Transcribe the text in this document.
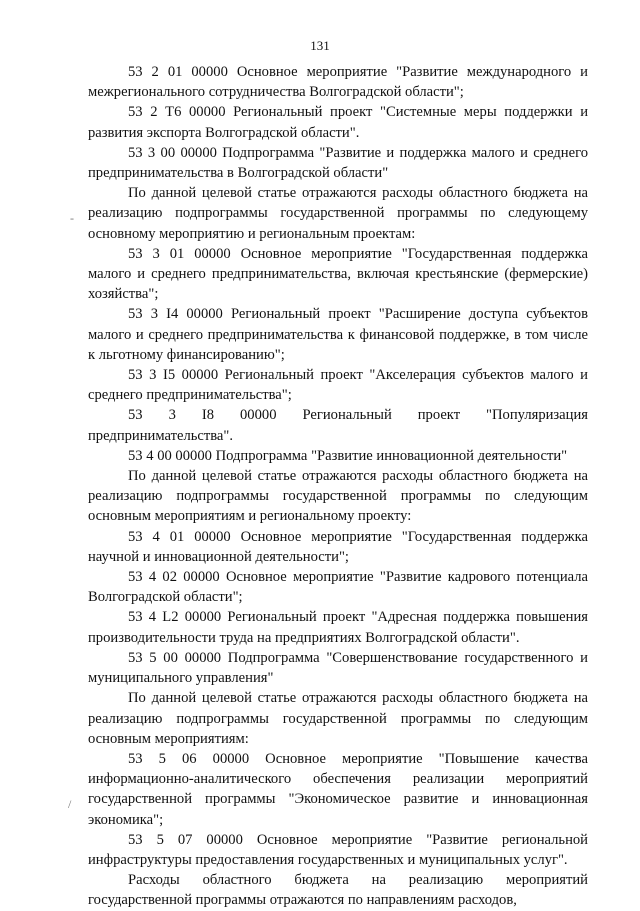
131

53 2 01 00000 Основное мероприятие "Развитие международного и межрегионального сотрудничества Волгоградской области";

53 2 Т6 00000 Региональный проект "Системные меры поддержки и развития экспорта Волгоградской области".

53 3 00 00000 Подпрограмма "Развитие и поддержка малого и среднего предпринимательства в Волгоградской области"

По данной целевой статье отражаются расходы областного бюджета на реализацию подпрограммы государственной программы по следующему основному мероприятию и региональным проектам:

53 3 01 00000 Основное мероприятие "Государственная поддержка малого и среднего предпринимательства, включая крестьянские (фермерские) хозяйства";

53 3 I4 00000 Региональный проект "Расширение доступа субъектов малого и среднего предпринимательства к финансовой поддержке, в том числе к льготному финансированию";

53 3 I5 00000 Региональный проект "Акселерация субъектов малого и среднего предпринимательства";

53 3 I8 00000 Региональный проект "Популяризация предпринимательства".

53 4 00 00000 Подпрограмма "Развитие инновационной деятельности"

По данной целевой статье отражаются расходы областного бюджета на реализацию подпрограммы государственной программы по следующим основным мероприятиям и региональному проекту:

53 4 01 00000 Основное мероприятие "Государственная поддержка научной и инновационной деятельности";

53 4 02 00000 Основное мероприятие "Развитие кадрового потенциала Волгоградской области";

53 4 L2 00000 Региональный проект "Адресная поддержка повышения производительности труда на предприятиях Волгоградской области".

53 5 00 00000 Подпрограмма "Совершенствование государственного и муниципального управления"

По данной целевой статье отражаются расходы областного бюджета на реализацию подпрограммы государственной программы по следующим основным мероприятиям:

53 5 06 00000 Основное мероприятие "Повышение качества информационно-аналитического обеспечения реализации мероприятий государственной программы "Экономическое развитие и инновационная экономика";

53 5 07 00000 Основное мероприятие "Развитие региональной инфраструктуры предоставления государственных и муниципальных услуг".

Расходы областного бюджета на реализацию мероприятий государственной программы отражаются по направлениям расходов,

-
/
